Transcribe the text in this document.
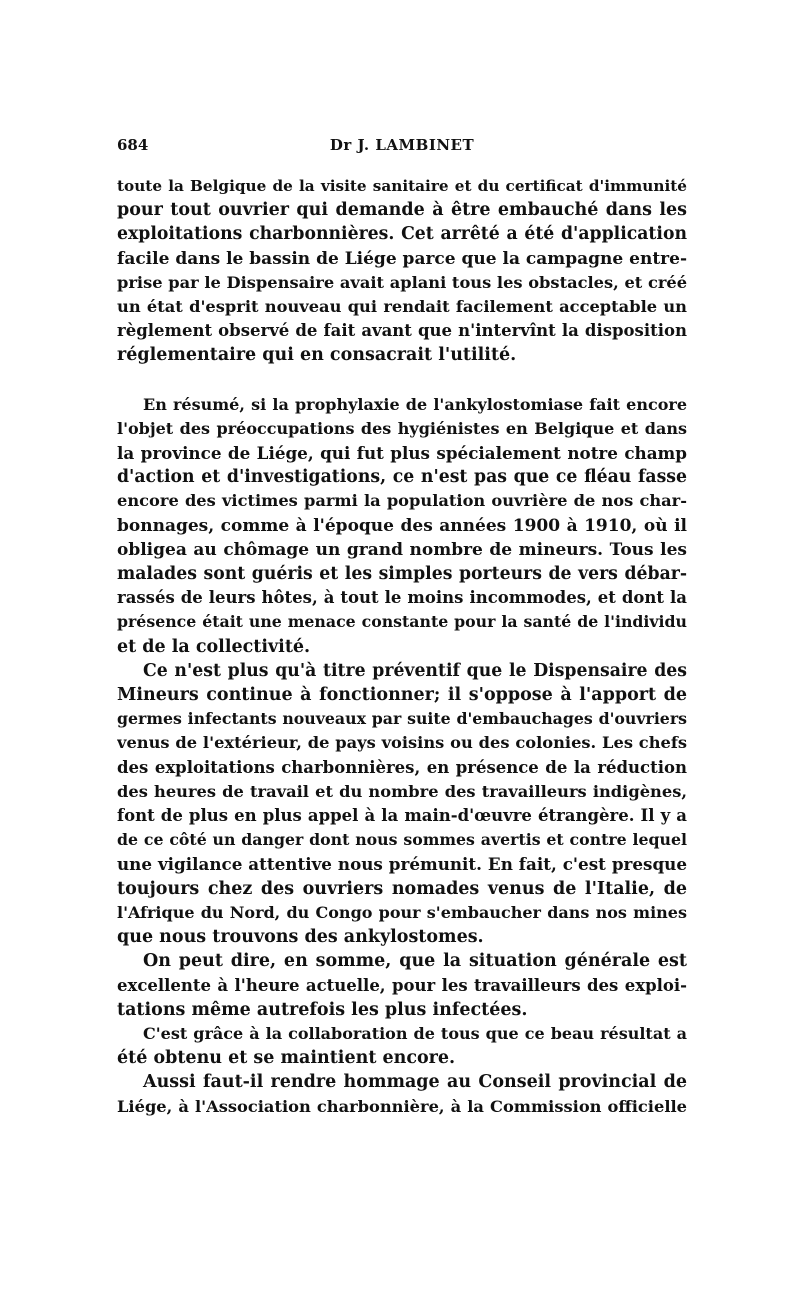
684	Dr J. LAMBINET

toute la Belgique de la visite sanitaire et du certificat d'immunité
pour tout ouvrier qui demande à être embauché dans les
exploitations charbonnières. Cet arrêté a été d'application
facile dans le bassin de Liége parce que la campagne entre-
prise par le Dispensaire avait aplani tous les obstacles, et créé
un état d'esprit nouveau qui rendait facilement acceptable un
règlement observé de fait avant que n'intervînt la disposition
réglementaire qui en consacrait l'utilité.

En résumé, si la prophylaxie de l'ankylostomiase fait encore
l'objet des préoccupations des hygiénistes en Belgique et dans
la province de Liége, qui fut plus spécialement notre champ
d'action et d'investigations, ce n'est pas que ce fléau fasse
encore des victimes parmi la population ouvrière de nos char-
bonnages, comme à l'époque des années 1900 à 1910, où il
obligea au chômage un grand nombre de mineurs. Tous les
malades sont guéris et les simples porteurs de vers débar-
rassés de leurs hôtes, à tout le moins incommodes, et dont la
présence était une menace constante pour la santé de l'individu
et de la collectivité.

Ce n'est plus qu'à titre préventif que le Dispensaire des
Mineurs continue à fonctionner; il s'oppose à l'apport de
germes infectants nouveaux par suite d'embauchages d'ouvriers
venus de l'extérieur, de pays voisins ou des colonies. Les chefs
des exploitations charbonnières, en présence de la réduction
des heures de travail et du nombre des travailleurs indigènes,
font de plus en plus appel à la main-d'œuvre étrangère. Il y a
de ce côté un danger dont nous sommes avertis et contre lequel
une vigilance attentive nous prémunit. En fait, c'est presque
toujours chez des ouvriers nomades venus de l'Italie, de
l'Afrique du Nord, du Congo pour s'embaucher dans nos mines
que nous trouvons des ankylostomes.

On peut dire, en somme, que la situation générale est
excellente à l'heure actuelle, pour les travailleurs des exploi-
tations même autrefois les plus infectées.

C'est grâce à la collaboration de tous que ce beau résultat a
été obtenu et se maintient encore.

Aussi faut-il rendre hommage au Conseil provincial de
Liége, à l'Association charbonnière, à la Commission officielle
